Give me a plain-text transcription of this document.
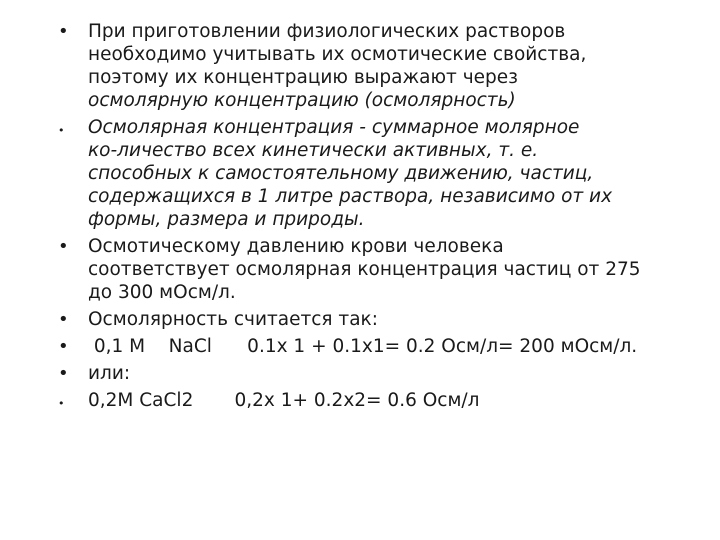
• При приготовлении физиологических растворов
необходимо учитывать их осмотические свойства,
поэтому их концентрацию выражают через
осмолярную концентрацию (осмолярность)
• Осмолярная концентрация - суммарное молярное
ко-личество всех кинетически активных, т. е.
способных к самостоятельному движению, частиц,
содержащихся в 1 литре раствора, независимо от их
формы, размера и природы.
• Осмотическому давлению крови человека
соответствует осмолярная концентрация частиц от 275
до 300 мОсм/л.
• Осмолярность считается так:
• 0,1 М    NaCl      0.1х 1 + 0.1х1= 0.2 Осм/л= 200 мОсм/л.
• или:
• 0,2М CaCl2       0,2х 1+ 0.2х2= 0.6 Осм/л
